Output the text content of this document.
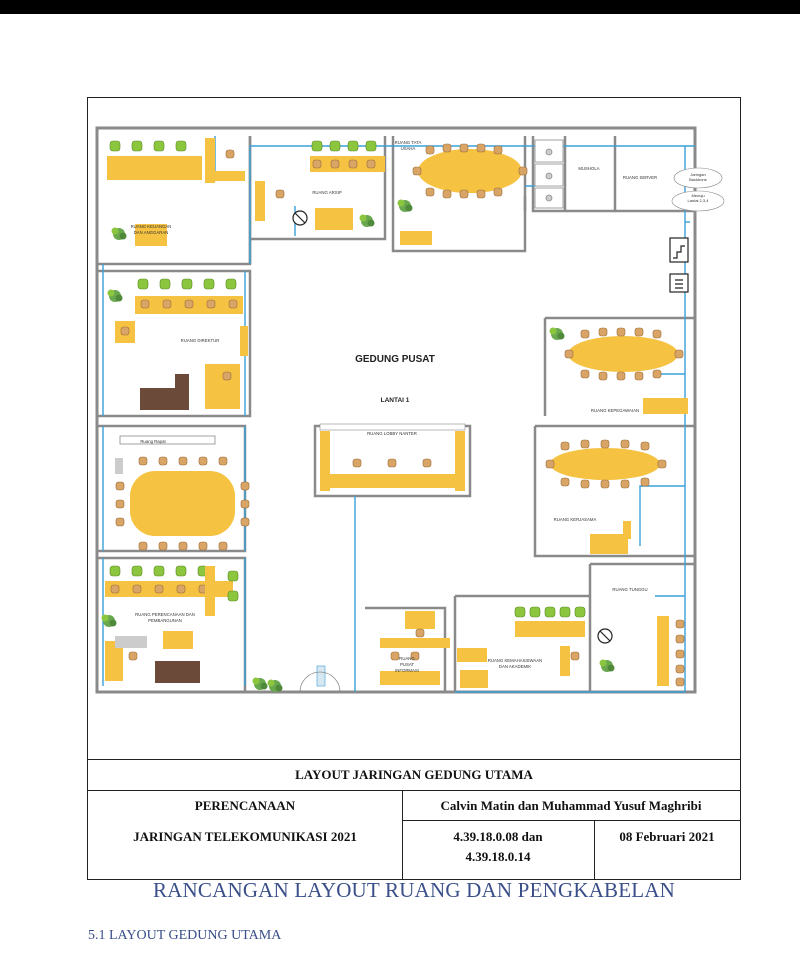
RUANG KEUANGAN DAN ANGGARAN
RUANG ARSIP
RUANG TATA USAHA
MUSHOLA
RUANG SERVER
RUANG DIREKTUR
RUANG KEPEGAWAIAN
Ruang Rapat
RUANG LOBBY NANTER
RUANG KERJASAMA
RUANG TUNGGU
RUANG PERENCANAAN DAN PEMBANGUNAN
RUANG PUSAT INFORMASI
RUANG KEMAHASISWAAN DAN AKADEMIK
Jaringan Backbone Menuju Lantai 2,3,4
GEDUNG PUSAT
LANTAI 1
LAYOUT JARINGAN GEDUNG UTAMA
PERENCANAAN
JARINGAN TELEKOMUNIKASI 2021
Calvin Matin dan Muhammad Yusuf Maghribi
4.39.18.0.08 dan
4.39.18.0.14
08 Februari 2021
RANCANGAN LAYOUT RUANG DAN PENGKABELAN
5.1 LAYOUT GEDUNG UTAMA
